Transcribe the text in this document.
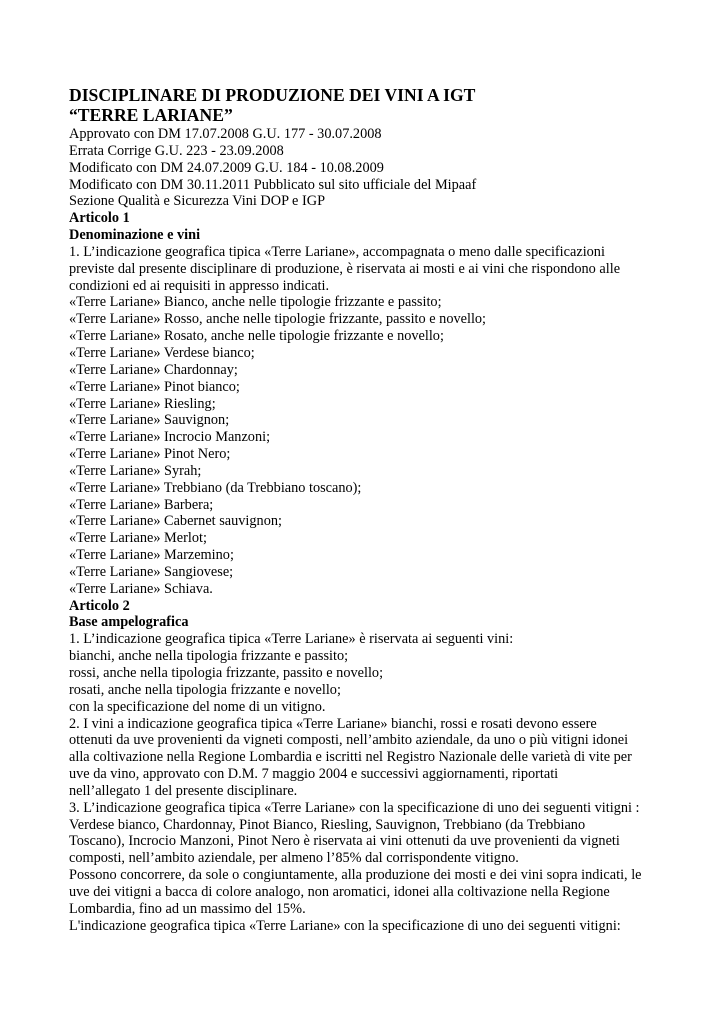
DISCIPLINARE DI PRODUZIONE DEI VINI A IGT
“TERRE LARIANE”
Approvato con DM 17.07.2008 G.U. 177 - 30.07.2008
Errata Corrige G.U. 223 - 23.09.2008
Modificato con DM 24.07.2009 G.U. 184 - 10.08.2009
Modificato con DM 30.11.2011 Pubblicato sul sito ufficiale del Mipaaf
Sezione Qualità e Sicurezza Vini DOP e IGP
Articolo 1
Denominazione e vini
1. L’indicazione geografica tipica «Terre Lariane», accompagnata o meno dalle specificazioni
previste dal presente disciplinare di produzione, è riservata ai mosti e ai vini che rispondono alle
condizioni ed ai requisiti in appresso indicati.
«Terre Lariane» Bianco, anche nelle tipologie frizzante e passito;
«Terre Lariane» Rosso, anche nelle tipologie frizzante, passito e novello;
«Terre Lariane» Rosato, anche nelle tipologie frizzante e novello;
«Terre Lariane» Verdese bianco;
«Terre Lariane» Chardonnay;
«Terre Lariane» Pinot bianco;
«Terre Lariane» Riesling;
«Terre Lariane» Sauvignon;
«Terre Lariane» Incrocio Manzoni;
«Terre Lariane» Pinot Nero;
«Terre Lariane» Syrah;
«Terre Lariane» Trebbiano (da Trebbiano toscano);
«Terre Lariane» Barbera;
«Terre Lariane» Cabernet sauvignon;
«Terre Lariane» Merlot;
«Terre Lariane» Marzemino;
«Terre Lariane» Sangiovese;
«Terre Lariane» Schiava.
Articolo 2
Base ampelografica
1. L’indicazione geografica tipica «Terre Lariane» è riservata ai seguenti vini:
bianchi, anche nella tipologia frizzante e passito;
rossi, anche nella tipologia frizzante, passito e novello;
rosati, anche nella tipologia frizzante e novello;
con la specificazione del nome di un vitigno.
2. I vini a indicazione geografica tipica «Terre Lariane» bianchi, rossi e rosati devono essere
ottenuti da uve provenienti da vigneti composti, nell’ambito aziendale, da uno o più vitigni idonei
alla coltivazione nella Regione Lombardia e iscritti nel Registro Nazionale delle varietà di vite per
uve da vino, approvato con D.M. 7 maggio 2004 e successivi aggiornamenti, riportati
nell’allegato 1 del presente disciplinare.
3. L’indicazione geografica tipica «Terre Lariane» con la specificazione di uno dei seguenti vitigni :
Verdese bianco, Chardonnay, Pinot Bianco, Riesling, Sauvignon, Trebbiano (da Trebbiano
Toscano), Incrocio Manzoni, Pinot Nero è riservata ai vini ottenuti da uve provenienti da vigneti
composti, nell’ambito aziendale, per almeno l’85% dal corrispondente vitigno.
Possono concorrere, da sole o congiuntamente, alla produzione dei mosti e dei vini sopra indicati, le
uve dei vitigni a bacca di colore analogo, non aromatici, idonei alla coltivazione nella Regione
Lombardia, fino ad un massimo del 15%.
L'indicazione geografica tipica «Terre Lariane» con la specificazione di uno dei seguenti vitigni:
